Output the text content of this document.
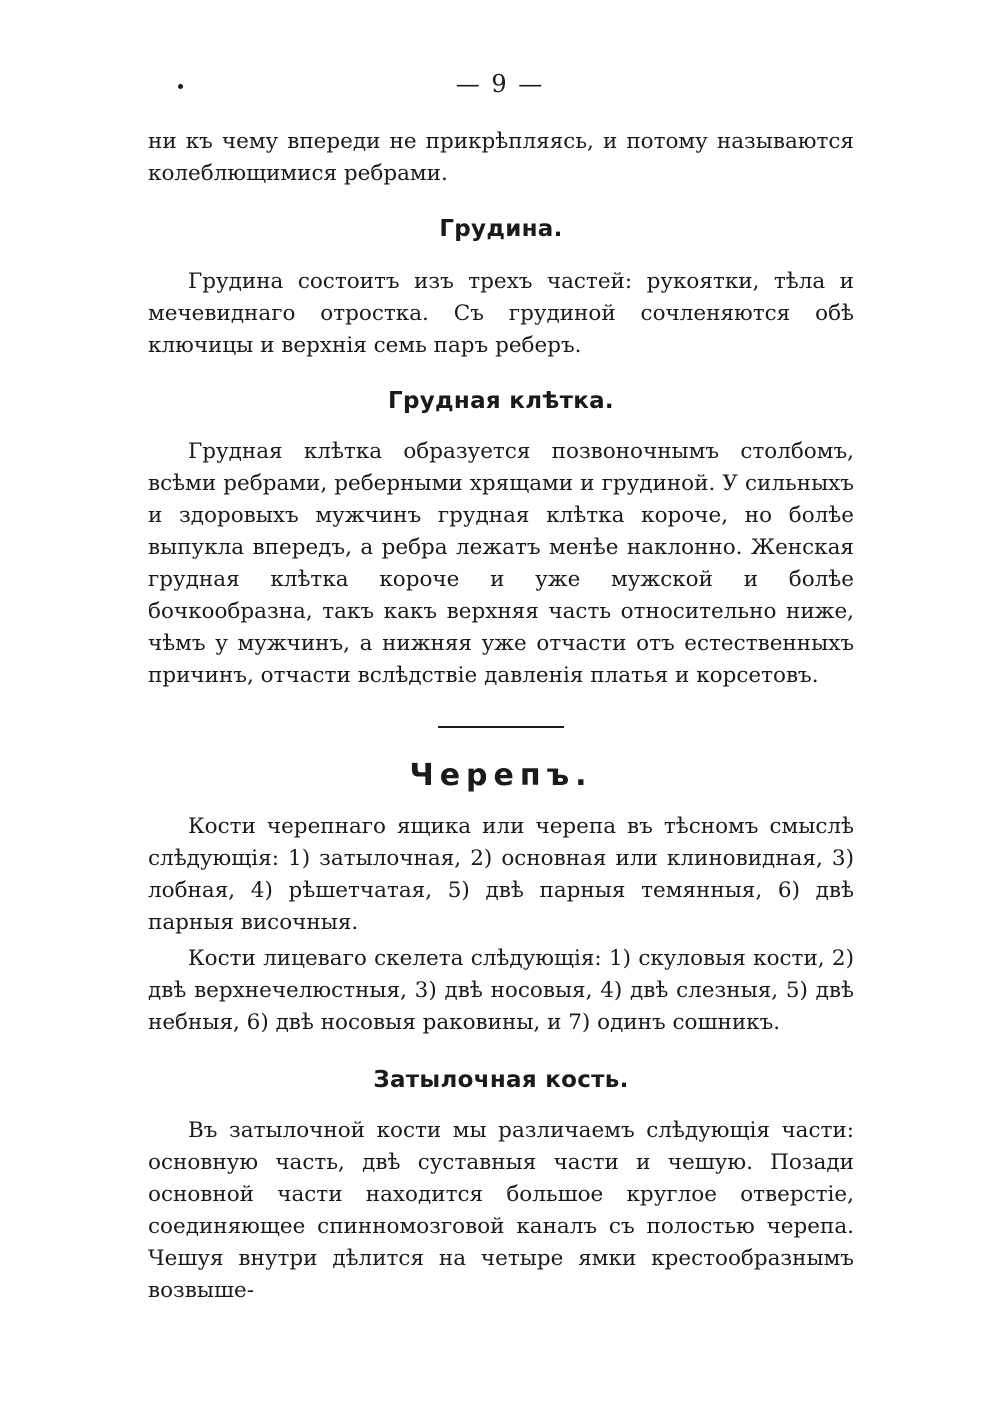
— 9 —

ни къ чему впереди не прикрѣпляясь, и потому называются колеблющимися ребрами.

Грудина.

Грудина состоитъ изъ трехъ частей: рукоятки, тѣла и мечевиднаго отростка. Съ грудиной сочленяются обѣ ключицы и верхнія семь паръ реберъ.

Грудная клѣтка.

Грудная клѣтка образуется позвоночнымъ столбомъ, всѣми ребрами, реберными хрящами и грудиной. У сильныхъ и здоровыхъ мужчинъ грудная клѣтка короче, но болѣе выпукла впередъ, а ребра лежатъ менѣе наклонно. Женская грудная клѣтка короче и уже мужской и болѣе бочкообразна, такъ какъ верхняя часть относительно ниже, чѣмъ у мужчинъ, а нижняя уже отчасти отъ естественныхъ причинъ, отчасти вслѣдствіе давленія платья и корсетовъ.

Черепъ.

Кости черепнаго ящика или черепа въ тѣсномъ смыслѣ слѣдующія: 1) затылочная, 2) основная или клиновидная, 3) лобная, 4) рѣшетчатая, 5) двѣ парныя темянныя, 6) двѣ парныя височныя.

Кости лицеваго скелета слѣдующія: 1) скуловыя кости, 2) двѣ верхнечелюстныя, 3) двѣ носовыя, 4) двѣ слезныя, 5) двѣ небныя, 6) двѣ носовыя раковины, и 7) одинъ сошникъ.

Затылочная кость.

Въ затылочной кости мы различаемъ слѣдующія части: основную часть, двѣ суставныя части и чешую. Позади основной части находится большое круглое отверстіе, соединяющее спинномозговой каналъ съ полостью черепа. Чешуя внутри дѣлится на четыре ямки крестообразнымъ возвыше-
